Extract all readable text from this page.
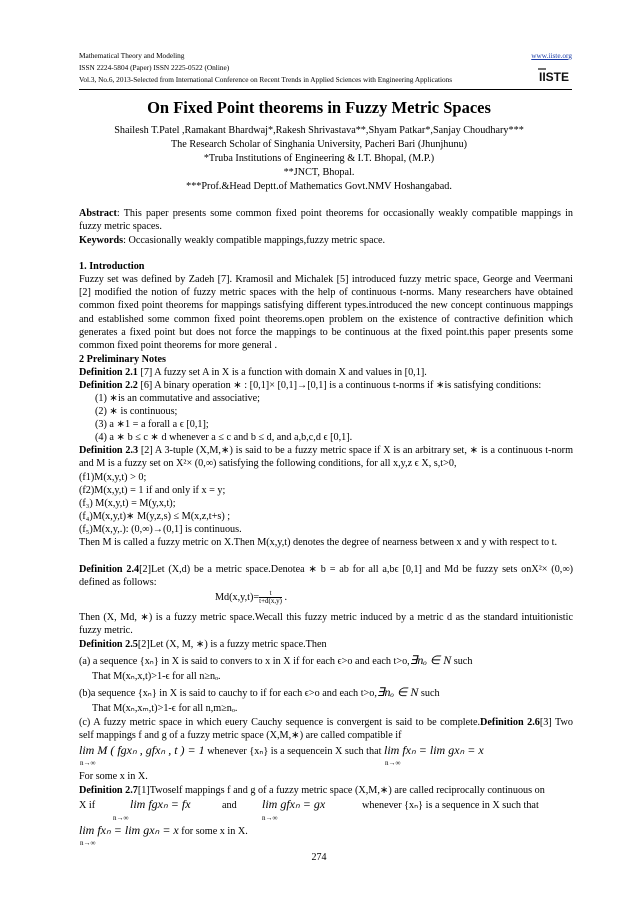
Mathematical Theory and Modeling
ISSN 2224-5804 (Paper) ISSN 2225-0522 (Online)
Vol.3, No.6, 2013-Selected from International Conference on Recent Trends in Applied Sciences with Engineering Applications
www.iiste.org
IISTE
On Fixed Point theorems in Fuzzy Metric Spaces
Shailesh T.Patel ,Ramakant Bhardwaj*,Rakesh Shrivastava**,Shyam Patkar*,Sanjay Choudhary***
The Research Scholar of Singhania University, Pacheri Bari (Jhunjhunu)
*Truba Institutions of Engineering & I.T. Bhopal, (M.P.)
**JNCT, Bhopal.
***Prof.&Head Deptt.of Mathematics Govt.NMV Hoshangabad.
Abstract: This paper presents some common fixed point theorems for occasionally weakly compatible mappings in fuzzy metric spaces.
Keywords: Occasionally weakly compatible mappings,fuzzy metric space.
1. Introduction
Fuzzy set was defined by Zadeh [7]. Kramosil and Michalek [5] introduced fuzzy metric space, George and Veermani [2] modified the notion of fuzzy metric spaces with the help of continuous t-norms. Many researchers have obtained common fixed point theorems for mappings satisfying different types.introduced the new concept continuous mappings and established some common fixed point theorems.open problem on the existence of contractive definition which generates a fixed point but does not force the mappings to be continuous at the fixed point.this paper presents some common fixed point theorems for more general .
2 Preliminary Notes
Definition 2.1 [7] A fuzzy set A in X is a function with domain X and values in [0,1].
Definition 2.2 [6] A binary operation ∗ : [0,1]× [0,1]→[0,1] is a continuous t-norms if ∗is satisfying conditions:
(1) ∗is an commutative and associative;
(2) ∗ is continuous;
(3) a ∗1 = a forall a ϵ [0,1];
(4) a ∗ b ≤ c ∗ d whenever a ≤ c and b ≤ d, and a,b,c,d ϵ [0,1].
Definition 2.3 [2] A 3-tuple (X,M,∗) is said to be a fuzzy metric space if X is an arbitrary set, ∗ is a continuous t-norm and M is a fuzzy set on X²× (0,∞) satisfying the following conditions, for all x,y,z ϵ X, s,t>0,
(f1)M(x,y,t) > 0;
(f2)M(x,y,t) = 1 if and only if x = y;
(f₃) M(x,y,t) = M(y,x,t);
(f₄)M(x,y,t)∗ M(y,z,s) ≤ M(x,z,t+s) ;
(f₅)M(x,y,.): (0,∞)→(0,1] is continuous.
Then M is called a fuzzy metric on X.Then M(x,y,t) denotes the degree of nearness between x and y with respect to t.
Definition 2.4[2]Let (X,d) be a metric space.Denotea ∗ b = ab for all a,bϵ [0,1] and Md be fuzzy sets onX²× (0,∞) defined as follows:
$Md(x,y,t)= \frac{t}{t+d(x,y)}$ .
Then (X, Md, ∗) is a fuzzy metric space.Wecall this fuzzy metric induced by a metric d as the standard intuitionistic fuzzy metric.
Definition 2.5[2]Let (X, M, ∗) is a fuzzy metric space.Then
(a) a sequence {xₙ} in X is said to convers to x in X if for each ϵ>o and each t>o,∃nₒ ∈ N such
That M(xₙ,x,t)>1-ϵ for all n≥nₒ.
(b)a sequence {xₙ} in X is said to cauchy to if for each ϵ>o and each t>o,∃nₒ ∈ N such
That M(xₙ,xₘ,t)>1-ϵ for all n,m≥nₒ.
(c) A fuzzy metric space in which euery Cauchy sequence is convergent is said to be complete.Definition 2.6[3] Two self mappings f and g of a fuzzy metric space (X,M,∗) are called compatible if
lim M ( fgxₙ , gfxₙ , t ) = 1 whenever {xₙ} is a sequencein X such that lim fxₙ = lim gxₙ = x
n→∞	n→∞
For some x in X.
Definition 2.7[1]Twoself mappings f and g of a fuzzy metric space (X,M,∗) are called reciprocally continuous on
X if	lim fgxₙ = fx	and lim gfxₙ = gx	whenever {xₙ} is a sequence in X such that
n→∞	n→∞
lim fxₙ = lim gxₙ = x for some x in X.
n→∞
274
